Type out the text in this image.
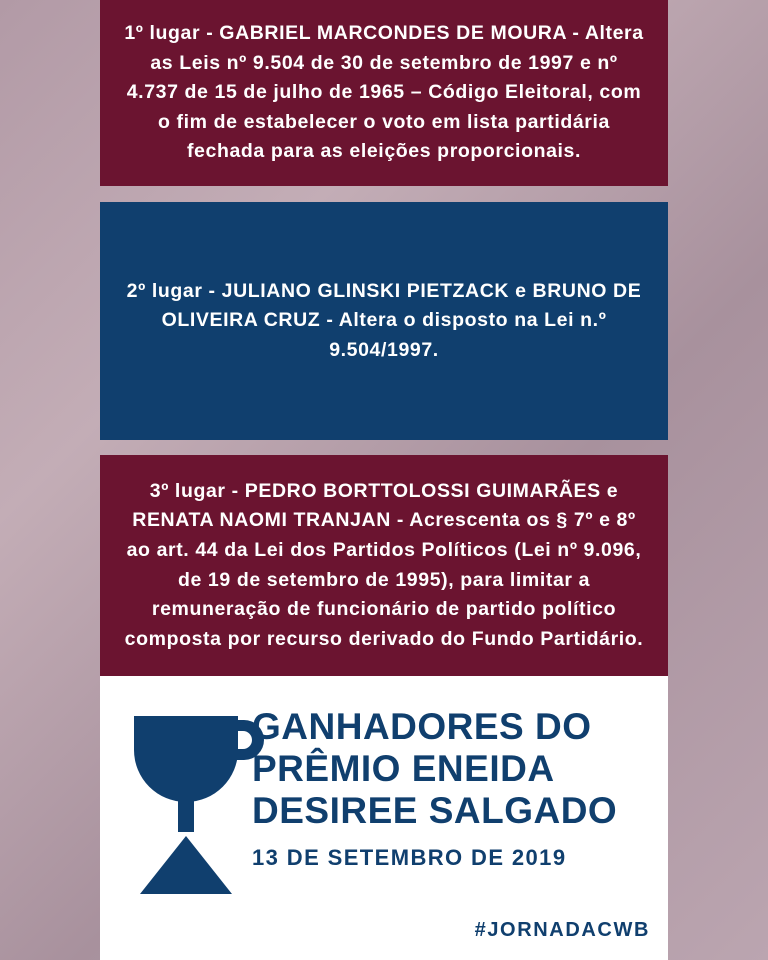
1º lugar - GABRIEL MARCONDES DE MOURA - Altera as Leis nº 9.504 de 30 de setembro de 1997 e nº 4.737 de 15 de julho de 1965 – Código Eleitoral, com o fim de estabelecer o voto em lista partidária fechada para as eleições proporcionais.
2º lugar - JULIANO GLINSKI PIETZACK e BRUNO DE OLIVEIRA CRUZ - Altera o disposto na Lei n.º 9.504/1997.
3º lugar - PEDRO BORTTOLOSSI GUIMARÃES e RENATA NAOMI TRANJAN - Acrescenta os § 7º e 8º ao art. 44 da Lei dos Partidos Políticos (Lei nº 9.096, de 19 de setembro de 1995), para limitar a remuneração de funcionário de partido político composta por recurso derivado do Fundo Partidário.
GANHADORES DO
PRÊMIO ENEIDA
DESIREE SALGADO
13 DE SETEMBRO DE 2019
#JORNADACWB
